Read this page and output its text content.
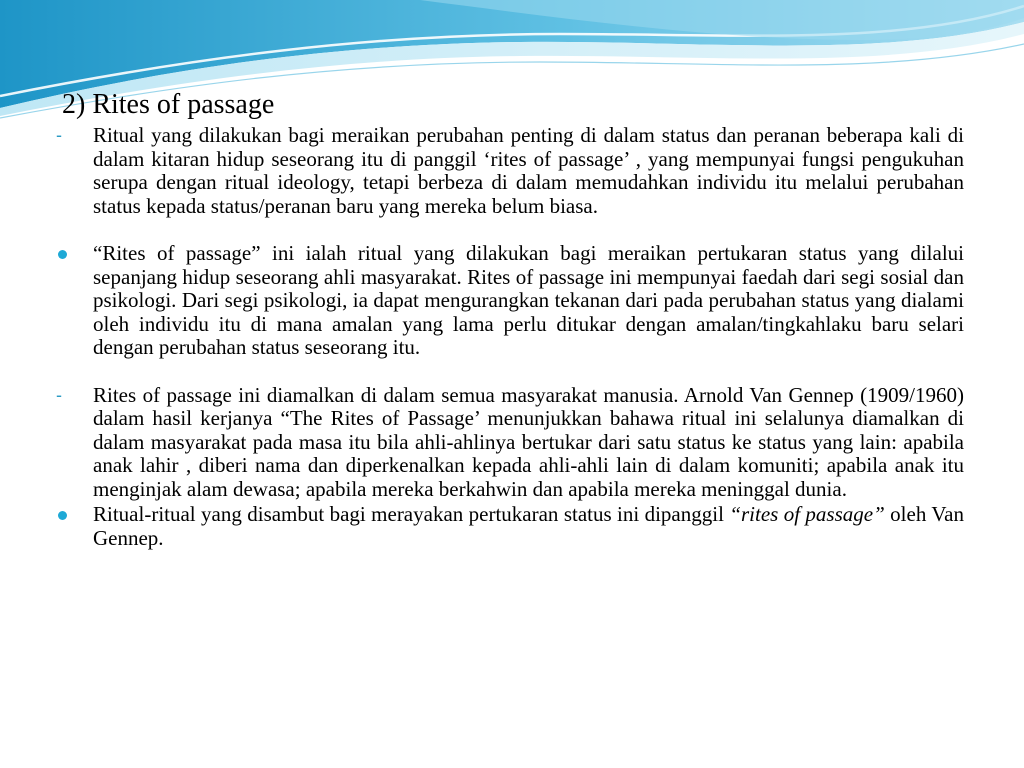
2) Rites of passage
-	Ritual yang dilakukan bagi meraikan perubahan penting di dalam status dan peranan beberapa kali di dalam kitaran hidup seseorang itu di panggil ‘rites of passage’ , yang mempunyai fungsi pengukuhan serupa dengan ritual ideology, tetapi berbeza di dalam memudahkan individu itu melalui perubahan status kepada status/peranan baru yang mereka belum biasa.
“Rites of passage” ini ialah ritual yang dilakukan bagi meraikan pertukaran status yang dilalui sepanjang hidup seseorang ahli masyarakat. Rites of passage ini mempunyai faedah dari segi sosial dan psikologi. Dari segi psikologi, ia dapat mengurangkan tekanan dari pada perubahan status yang dialami oleh individu itu di mana amalan yang lama perlu ditukar dengan amalan/tingkahlaku baru selari dengan perubahan status seseorang itu.
-	Rites of passage ini diamalkan di dalam semua masyarakat manusia. Arnold Van Gennep (1909/1960) dalam hasil kerjanya “The Rites of Passage’ menunjukkan bahawa ritual ini selalunya diamalkan di dalam masyarakat pada masa itu bila ahli-ahlinya bertukar dari satu status ke status yang lain: apabila anak lahir , diberi nama dan diperkenalkan kepada ahli-ahli lain di dalam komuniti; apabila anak itu menginjak alam dewasa; apabila mereka berkahwin dan apabila mereka meninggal dunia.
Ritual-ritual yang disambut bagi merayakan pertukaran status ini dipanggil “rites of passage” oleh Van Gennep.
